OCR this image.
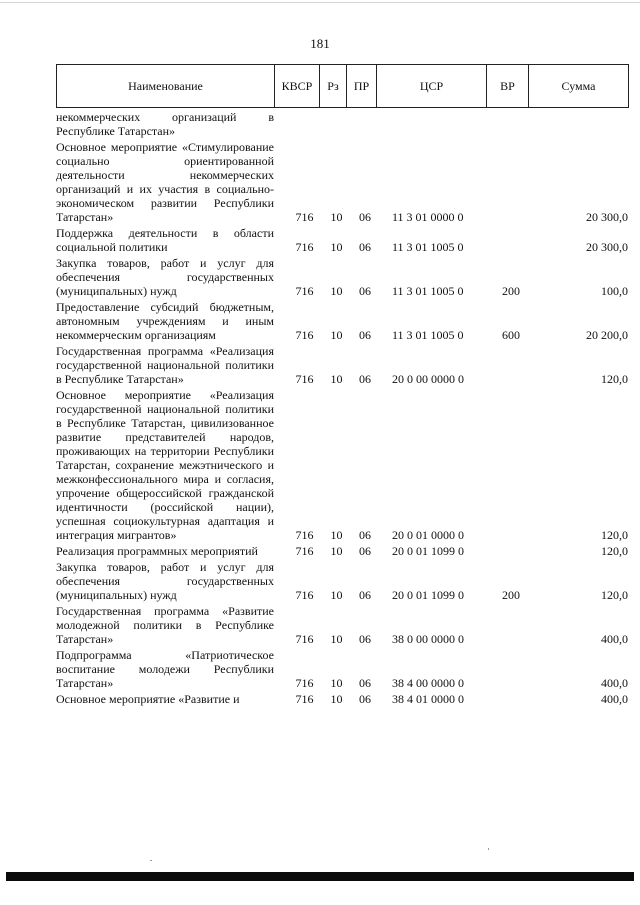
181
Наименование	КВСР	Рз	ПР	ЦСР	ВР	Сумма
некоммерческих организаций в Республике Татарстан»						
Основное мероприятие «Стимулирование социально ориентированной деятельности некоммерческих организаций и их участия в социально-экономическом развитии Республики Татарстан»	716	10	06	11 3 01 0000 0		20 300,0
Поддержка деятельности в области социальной политики	716	10	06	11 3 01 1005 0		20 300,0
Закупка товаров, работ и услуг для обеспечения государственных (муниципальных) нужд	716	10	06	11 3 01 1005 0	200	100,0
Предоставление субсидий бюджетным, автономным учреждениям и иным некоммерческим организациям	716	10	06	11 3 01 1005 0	600	20 200,0
Государственная программа «Реализация государственной национальной политики в Республике Татарстан»	716	10	06	20 0 00 0000 0		120,0
Основное мероприятие «Реализация государственной национальной политики в Республике Татарстан, цивилизованное развитие представителей народов, проживающих на территории Республики Татарстан, сохранение межэтнического и межконфессионального мира и согласия, упрочение общероссийской гражданской идентичности (российской нации), успешная социокультурная адаптация и интеграция мигрантов»	716	10	06	20 0 01 0000 0		120,0
Реализация программных мероприятий	716	10	06	20 0 01 1099 0		120,0
Закупка товаров, работ и услуг для обеспечения государственных (муниципальных) нужд	716	10	06	20 0 01 1099 0	200	120,0
Государственная программа «Развитие молодежной политики в Республике Татарстан»	716	10	06	38 0 00 0000 0		400,0
Подпрограмма «Патриотическое воспитание молодежи Республики Татарстан»	716	10	06	38 4 00 0000 0		400,0
Основное мероприятие «Развитие и	716	10	06	38 4 01 0000 0		400,0
